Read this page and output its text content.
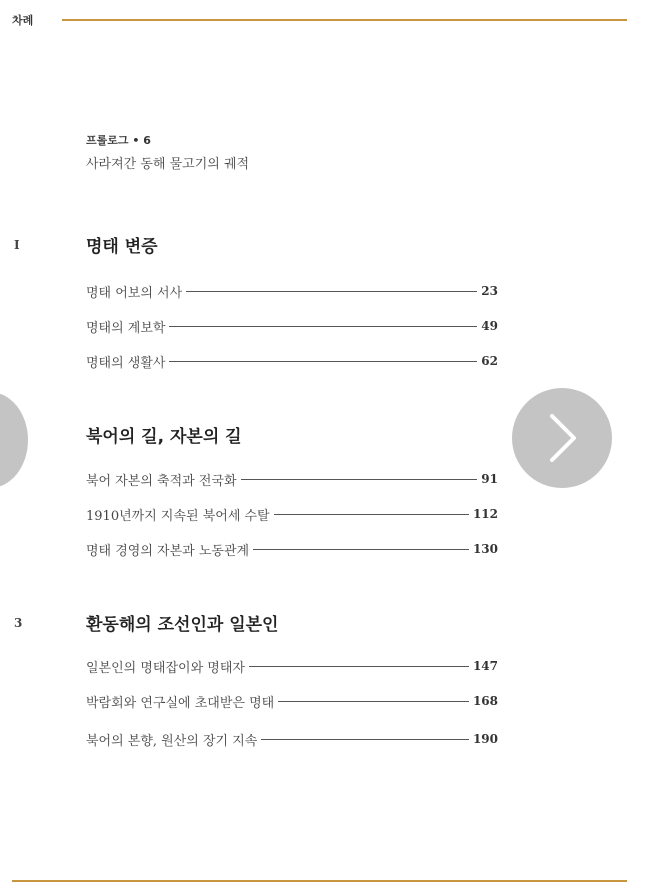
차례
프롤로그 • 6
사라져간 동해 물고기의 궤적
I	명태 변증
명태 어보의 서사	23
명태의 계보학	49
명태의 생활사	62
북어의 길, 자본의 길
북어 자본의 축적과 전국화	91
1910년까지 지속된 북어세 수탈	112
명태 경영의 자본과 노동관계	130
3	환동해의 조선인과 일본인
일본인의 명태잡이와 명태자	147
박람회와 연구실에 초대받은 명태	168
북어의 본향, 원산의 장기 지속	190
